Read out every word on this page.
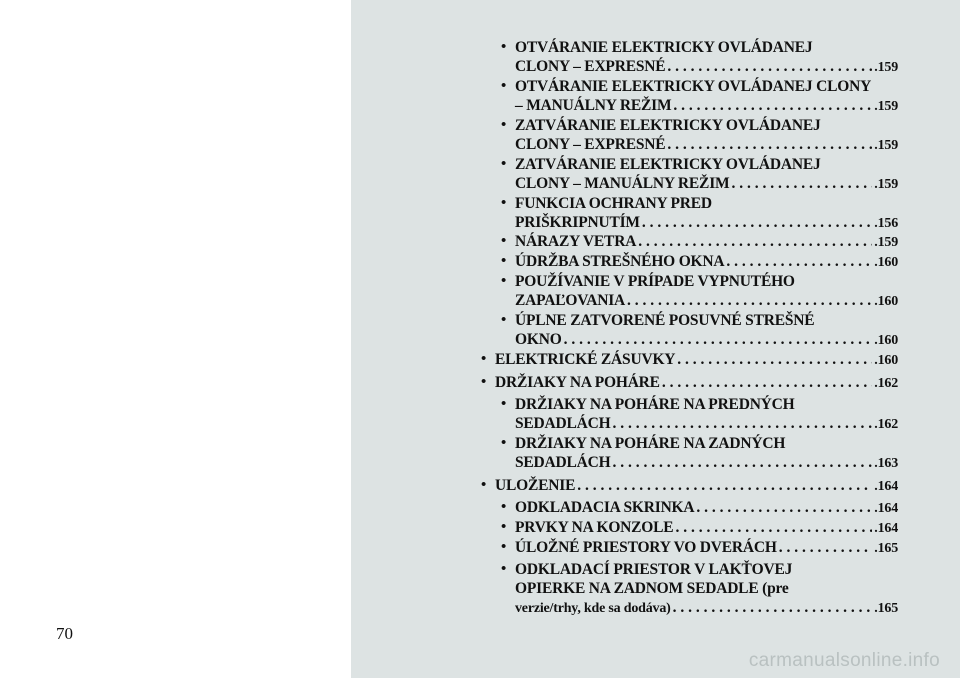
70
• OTVÁRANIE ELEKTRICKY OVLÁDANEJ
CLONY – EXPRESNÉ . . .	.159
• OTVÁRANIE ELEKTRICKY OVLÁDANEJ CLONY
– MANUÁLNY REŽIM . . .	.159
• ZATVÁRANIE ELEKTRICKY OVLÁDANEJ
CLONY – EXPRESNÉ . . .	.159
• ZATVÁRANIE ELEKTRICKY OVLÁDANEJ
CLONY – MANUÁLNY REŽIM . . .	.159
• FUNKCIA OCHRANY PRED
PRIŠKRIPNUTÍM . . .	.156
• NÁRAZY VETRA . . .	.159
• ÚDRŽBA STREŠNÉHO OKNA . . .	.160
• POUŽÍVANIE V PRÍPADE VYPNUTÉHO
ZAPAĽOVANIA . . .	.160
• ÚPLNE ZATVORENÉ POSUVNÉ STREŠNÉ
OKNO . . .	.160
• ELEKTRICKÉ ZÁSUVKY . . .	.160
• DRŽIAKY NA POHÁRE . . .	.162
• DRŽIAKY NA POHÁRE NA PREDNÝCH
SEDADLÁCH . . .	.162
• DRŽIAKY NA POHÁRE NA ZADNÝCH
SEDADLÁCH . . .	.163
• ULOŽENIE . . .	.164
• ODKLADACIA SKRINKA . . .	.164
• PRVKY NA KONZOLE . . .	.164
• ÚLOŽNÉ PRIESTORY VO DVERÁCH . . .	.165
• ODKLADACÍ PRIESTOR V LAKŤOVEJ
OPIERKE NA ZADNOM SEDADLE (pre
verzie/trhy, kde sa dodáva) . . .	.165
carmanualsonline.info
